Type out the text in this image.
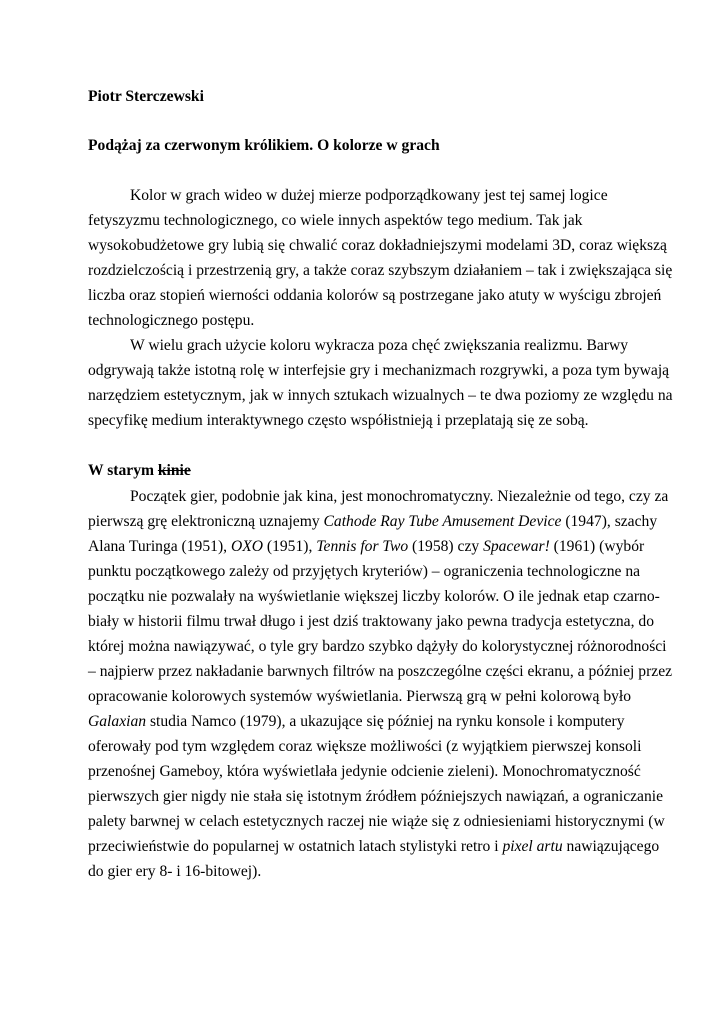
Piotr Sterczewski
Podążaj za czerwonym królikiem. O kolorze w grach
Kolor w grach wideo w dużej mierze podporządkowany jest tej samej logice
fetyszyzmu technologicznego, co wiele innych aspektów tego medium. Tak jak
wysokobudżetowe gry lubią się chwalić coraz dokładniejszymi modelami 3D, coraz większą
rozdzielczością i przestrzenią gry, a także coraz szybszym działaniem – tak i zwiększająca się
liczba oraz stopień wierności oddania kolorów są postrzegane jako atuty w wyścigu zbrojeń
technologicznego postępu.
W wielu grach użycie koloru wykracza poza chęć zwiększania realizmu. Barwy
odgrywają także istotną rolę w interfejsie gry i mechanizmach rozgrywki, a poza tym bywają
narzędziem estetycznym, jak w innych sztukach wizualnych – te dwa poziomy ze względu na
specyfikę medium interaktywnego często współistnieją i przeplatają się ze sobą.
W starym kinie
Początek gier, podobnie jak kina, jest monochromatyczny. Niezależnie od tego, czy za
pierwszą grę elektroniczną uznajemy Cathode Ray Tube Amusement Device (1947), szachy
Alana Turinga (1951), OXO (1951), Tennis for Two (1958) czy Spacewar! (1961) (wybór
punktu początkowego zależy od przyjętych kryteriów) – ograniczenia technologiczne na
początku nie pozwalały na wyświetlanie większej liczby kolorów. O ile jednak etap czarno-
biały w historii filmu trwał długo i jest dziś traktowany jako pewna tradycja estetyczna, do
której można nawiązywać, o tyle gry bardzo szybko dążyły do kolorystycznej różnorodności
– najpierw przez nakładanie barwnych filtrów na poszczególne części ekranu, a później przez
opracowanie kolorowych systemów wyświetlania. Pierwszą grą w pełni kolorową było
Galaxian studia Namco (1979), a ukazujące się później na rynku konsole i komputery
oferowały pod tym względem coraz większe możliwości (z wyjątkiem pierwszej konsoli
przenośnej Gameboy, która wyświetlała jedynie odcienie zieleni). Monochromatyczność
pierwszych gier nigdy nie stała się istotnym źródłem późniejszych nawiązań, a ograniczanie
palety barwnej w celach estetycznych raczej nie wiąże się z odniesieniami historycznymi (w
przeciwieństwie do popularnej w ostatnich latach stylistyki retro i pixel artu nawiązującego
do gier ery 8- i 16-bitowej).
